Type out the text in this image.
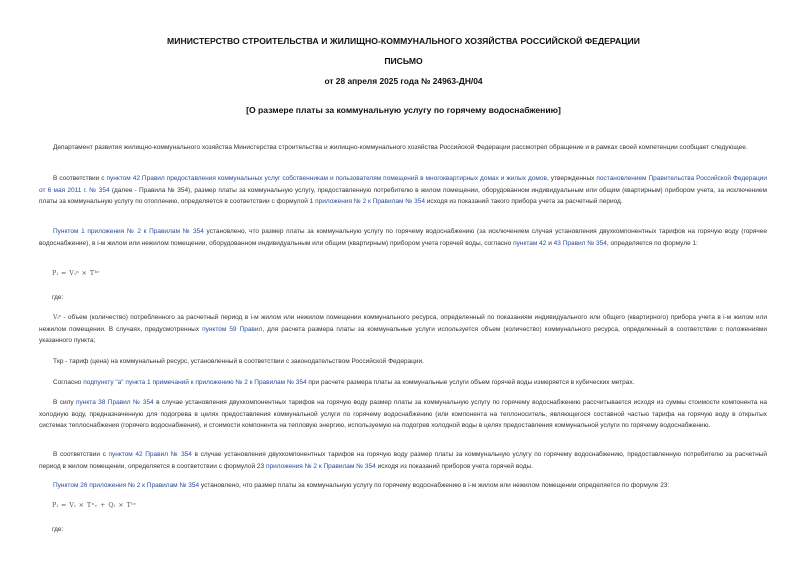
МИНИСТЕРСТВО СТРОИТЕЛЬСТВА И ЖИЛИЩНО-КОММУНАЛЬНОГО ХОЗЯЙСТВА РОССИЙСКОЙ ФЕДЕРАЦИИ
ПИСЬМО
от 28 апреля 2025 года № 24963-ДН/04
[О размере платы за коммунальную услугу по горячему водоснабжению]
Департамент развития жилищно-коммунального хозяйства Министерства строительства и жилищно-коммунального хозяйства Российской Федерации рассмотрел обращение и в рамках своей компетенции сообщает следующее.
В соответствии с пунктом 42 Правил предоставления коммунальных услуг собственникам и пользователям помещений в многоквартирных домах и жилых домов, утвержденных постановлением Правительства Российской Федерации от 6 мая 2011 г. № 354 (далее - Правила № 354), размер платы за коммунальную услугу, предоставленную потребителю в жилом помещении, оборудованном индивидуальным или общим (квартирным) прибором учета, за исключением платы за коммунальную услугу по отоплению, определяется в соответствии с формулой 1 приложения № 2 к Правилам № 354 исходя из показаний такого прибора учета за расчетный период.
Пунктом 1 приложения № 2 к Правилам № 354 установлено, что размер платы за коммунальную услугу по горячему водоснабжению (за исключением случая установления двухкомпонентных тарифов на горячую воду (горячее водоснабжение), в i-м жилом или нежилом помещении, оборудованном индивидуальным или общим (квартирным) прибором учета горячей воды, согласно пунктам 42 и 43 Правил № 354, определяется по формуле 1:
Pᵢ = Vᵢᵖ × Tᵏʳ
где:
Vᵢᵖ - объем (количество) потребленного за расчетный период в i-м жилом или нежилом помещении коммунального ресурса, определенный по показаниям индивидуального или общего (квартирного) прибора учета в i-м жилом или нежилом помещении. В случаях, предусмотренных пунктом 59 Правил, для расчета размера платы за коммунальные услуги используется объем (количество) коммунального ресурса, определенный в соответствии с положениями указанного пункта;
Tкр - тариф (цена) на коммунальный ресурс, установленный в соответствии с законодательством Российской Федерации.
Согласно подпункту "а" пункта 1 примечаний к приложению № 2 к Правилам № 354 при расчете размера платы за коммунальные услуги объем горячей воды измеряется в кубических метрах.
В силу пункта 38 Правил № 354 в случае установления двухкомпонентных тарифов на горячую воду размер платы за коммунальную услугу по горячему водоснабжению рассчитывается исходя из суммы стоимости компонента на холодную воду, предназначенную для подогрева в целях предоставления коммунальной услуги по горячему водоснабжению (или компонента на теплоноситель, являющегося составной частью тарифа на горячую воду в открытых системах теплоснабжения (горячего водоснабжения), и стоимости компонента на тепловую энергию, используемую на подогрев холодной воды в целях предоставления коммунальной услуги по горячему водоснабжению.
В соответствии с пунктом 42 Правил № 354 в случае установления двухкомпонентных тарифов на горячую воду размер платы за коммунальную услугу по горячему водоснабжению, предоставленную потребителю за расчетный период в жилом помещении, определяется в соответствии с формулой 23 приложения № 2 к Правилам № 354 исходя из показаний приборов учета горячей воды.
Пунктом 26 приложения № 2 к Правилам № 354 установлено, что размер платы за коммунальную услугу по горячему водоснабжению в i-м жилом или нежилом помещении определяется по формуле 23:
Pᵢ = Vᵢ × Tˣᵥ + Qᵢ × Tᵗᵉ
где:
